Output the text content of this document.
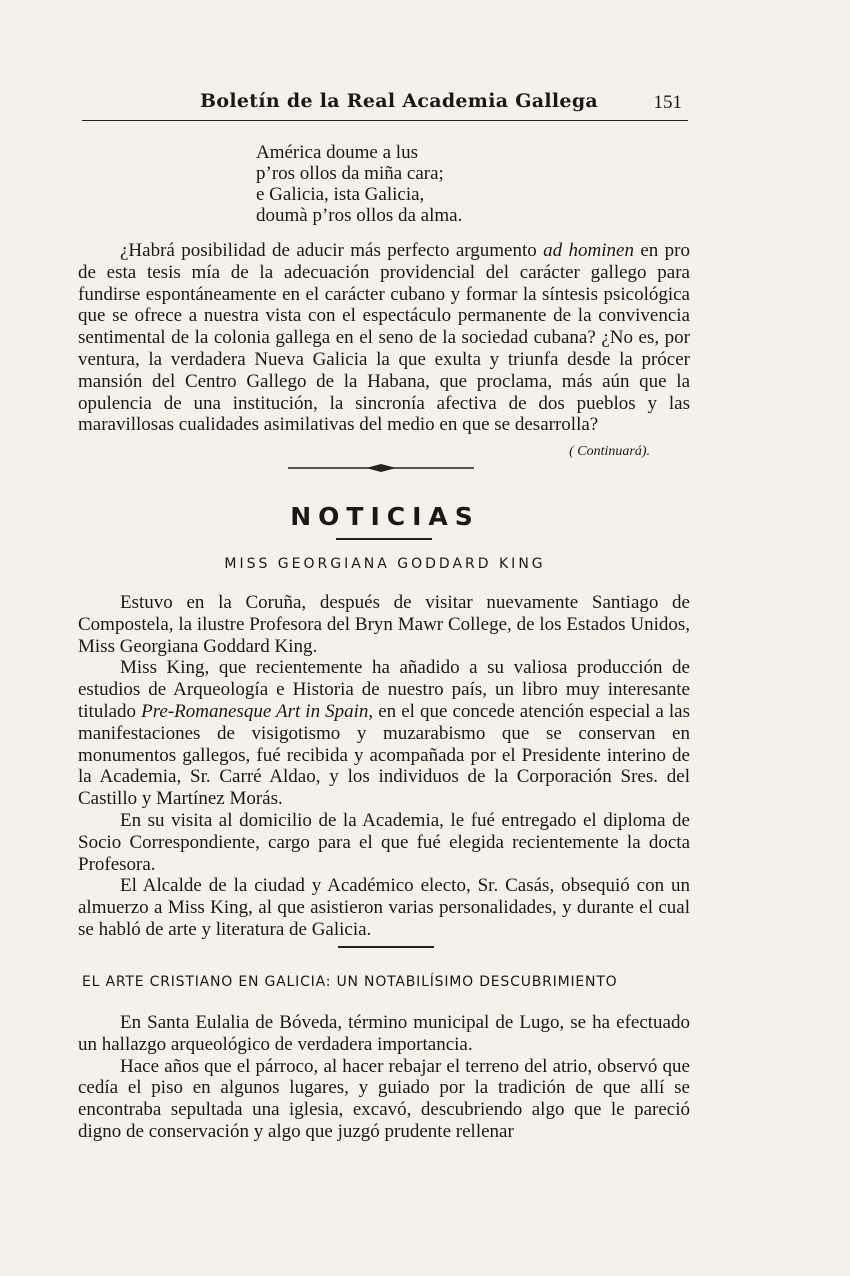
Boletín de la Real Academia Gallega	151
América doume a lus
p’ros ollos da miña cara;
e Galicia, ista Galicia,
doumà p’ros ollos da alma.

¿Habrá posibilidad de aducir más perfecto argumento ad hominen en pro de esta tesis mía de la adecuación providencial del carácter gallego para fundirse espontáneamente en el carácter cubano y formar la síntesis psicológica que se ofrece a nuestra vista con el espectáculo permanente de la convivencia sentimental de la colonia gallega en el seno de la sociedad cubana? ¿No es, por ventura, la verdadera Nueva Galicia la que exulta y triunfa desde la prócer mansión del Centro Gallego de la Habana, que proclama, más aún que la opulencia de una institución, la sincronía afectiva de dos pueblos y las maravillosas cualidades asimilativas del medio en que se desarrolla?

( Continuará).
NOTICIAS
MISS GEORGIANA GODDARD KING

Estuvo en la Coruña, después de visitar nuevamente Santiago de Compostela, la ilustre Profesora del Bryn Mawr College, de los Estados Unidos, Miss Georgiana Goddard King.

Miss King, que recientemente ha añadido a su valiosa producción de estudios de Arqueología e Historia de nuestro país, un libro muy interesante titulado Pre-Romanesque Art in Spain, en el que concede atención especial a las manifestaciones de visigotismo y muzarabismo que se conservan en monumentos gallegos, fué recibida y acompañada por el Presidente interino de la Academia, Sr. Carré Aldao, y los individuos de la Corporación Sres. del Castillo y Martínez Morás.

En su visita al domicilio de la Academia, le fué entregado el diploma de Socio Correspondiente, cargo para el que fué elegida recientemente la docta Profesora.

El Alcalde de la ciudad y Académico electo, Sr. Casás, obsequió con un almuerzo a Miss King, al que asistieron varias personalidades, y durante el cual se habló de arte y literatura de Galicia.

EL ARTE CRISTIANO EN GALICIA: UN NOTABILÍSIMO DESCUBRIMIENTO

En Santa Eulalia de Bóveda, término municipal de Lugo, se ha efectuado un hallazgo arqueológico de verdadera importancia.

Hace años que el párroco, al hacer rebajar el terreno del atrio, observó que cedía el piso en algunos lugares, y guiado por la tradición de que allí se encontraba sepultada una iglesia, excavó, descubriendo algo que le pareció digno de conservación y algo que juzgó prudente rellenar
